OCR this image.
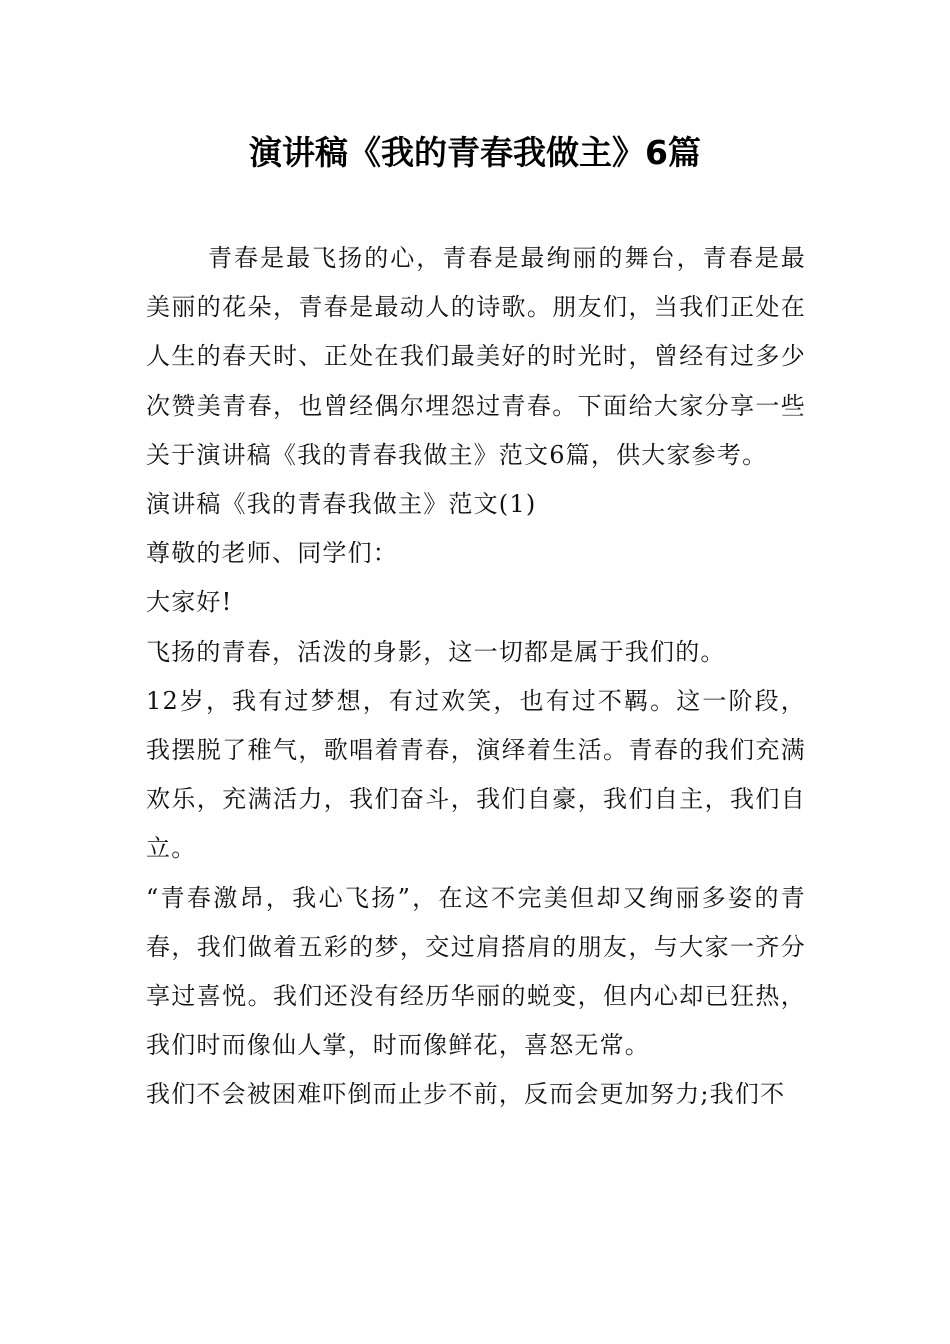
演讲稿《我的青春我做主》6篇

青春是最飞扬的心，青春是最绚丽的舞台，青春是最美丽的花朵，青春是最动人的诗歌。朋友们，当我们正处在人生的春天时、正处在我们最美好的时光时，曾经有过多少次赞美青春，也曾经偶尔埋怨过青春。下面给大家分享一些关于演讲稿《我的青春我做主》范文6篇，供大家参考。

演讲稿《我的青春我做主》范文(1)

尊敬的老师、同学们：

大家好!

飞扬的青春，活泼的身影，这一切都是属于我们的。

12岁，我有过梦想，有过欢笑，也有过不羁。这一阶段，我摆脱了稚气，歌唱着青春，演绎着生活。青春的我们充满欢乐，充满活力，我们奋斗，我们自豪，我们自主，我们自立。

“青春激昂，我心飞扬”，在这不完美但却又绚丽多姿的青春，我们做着五彩的梦，交过肩搭肩的朋友，与大家一齐分享过喜悦。我们还没有经历华丽的蜕变，但内心却已狂热，我们时而像仙人掌，时而像鲜花，喜怒无常。

我们不会被困难吓倒而止步不前，反而会更加努力;我们不
